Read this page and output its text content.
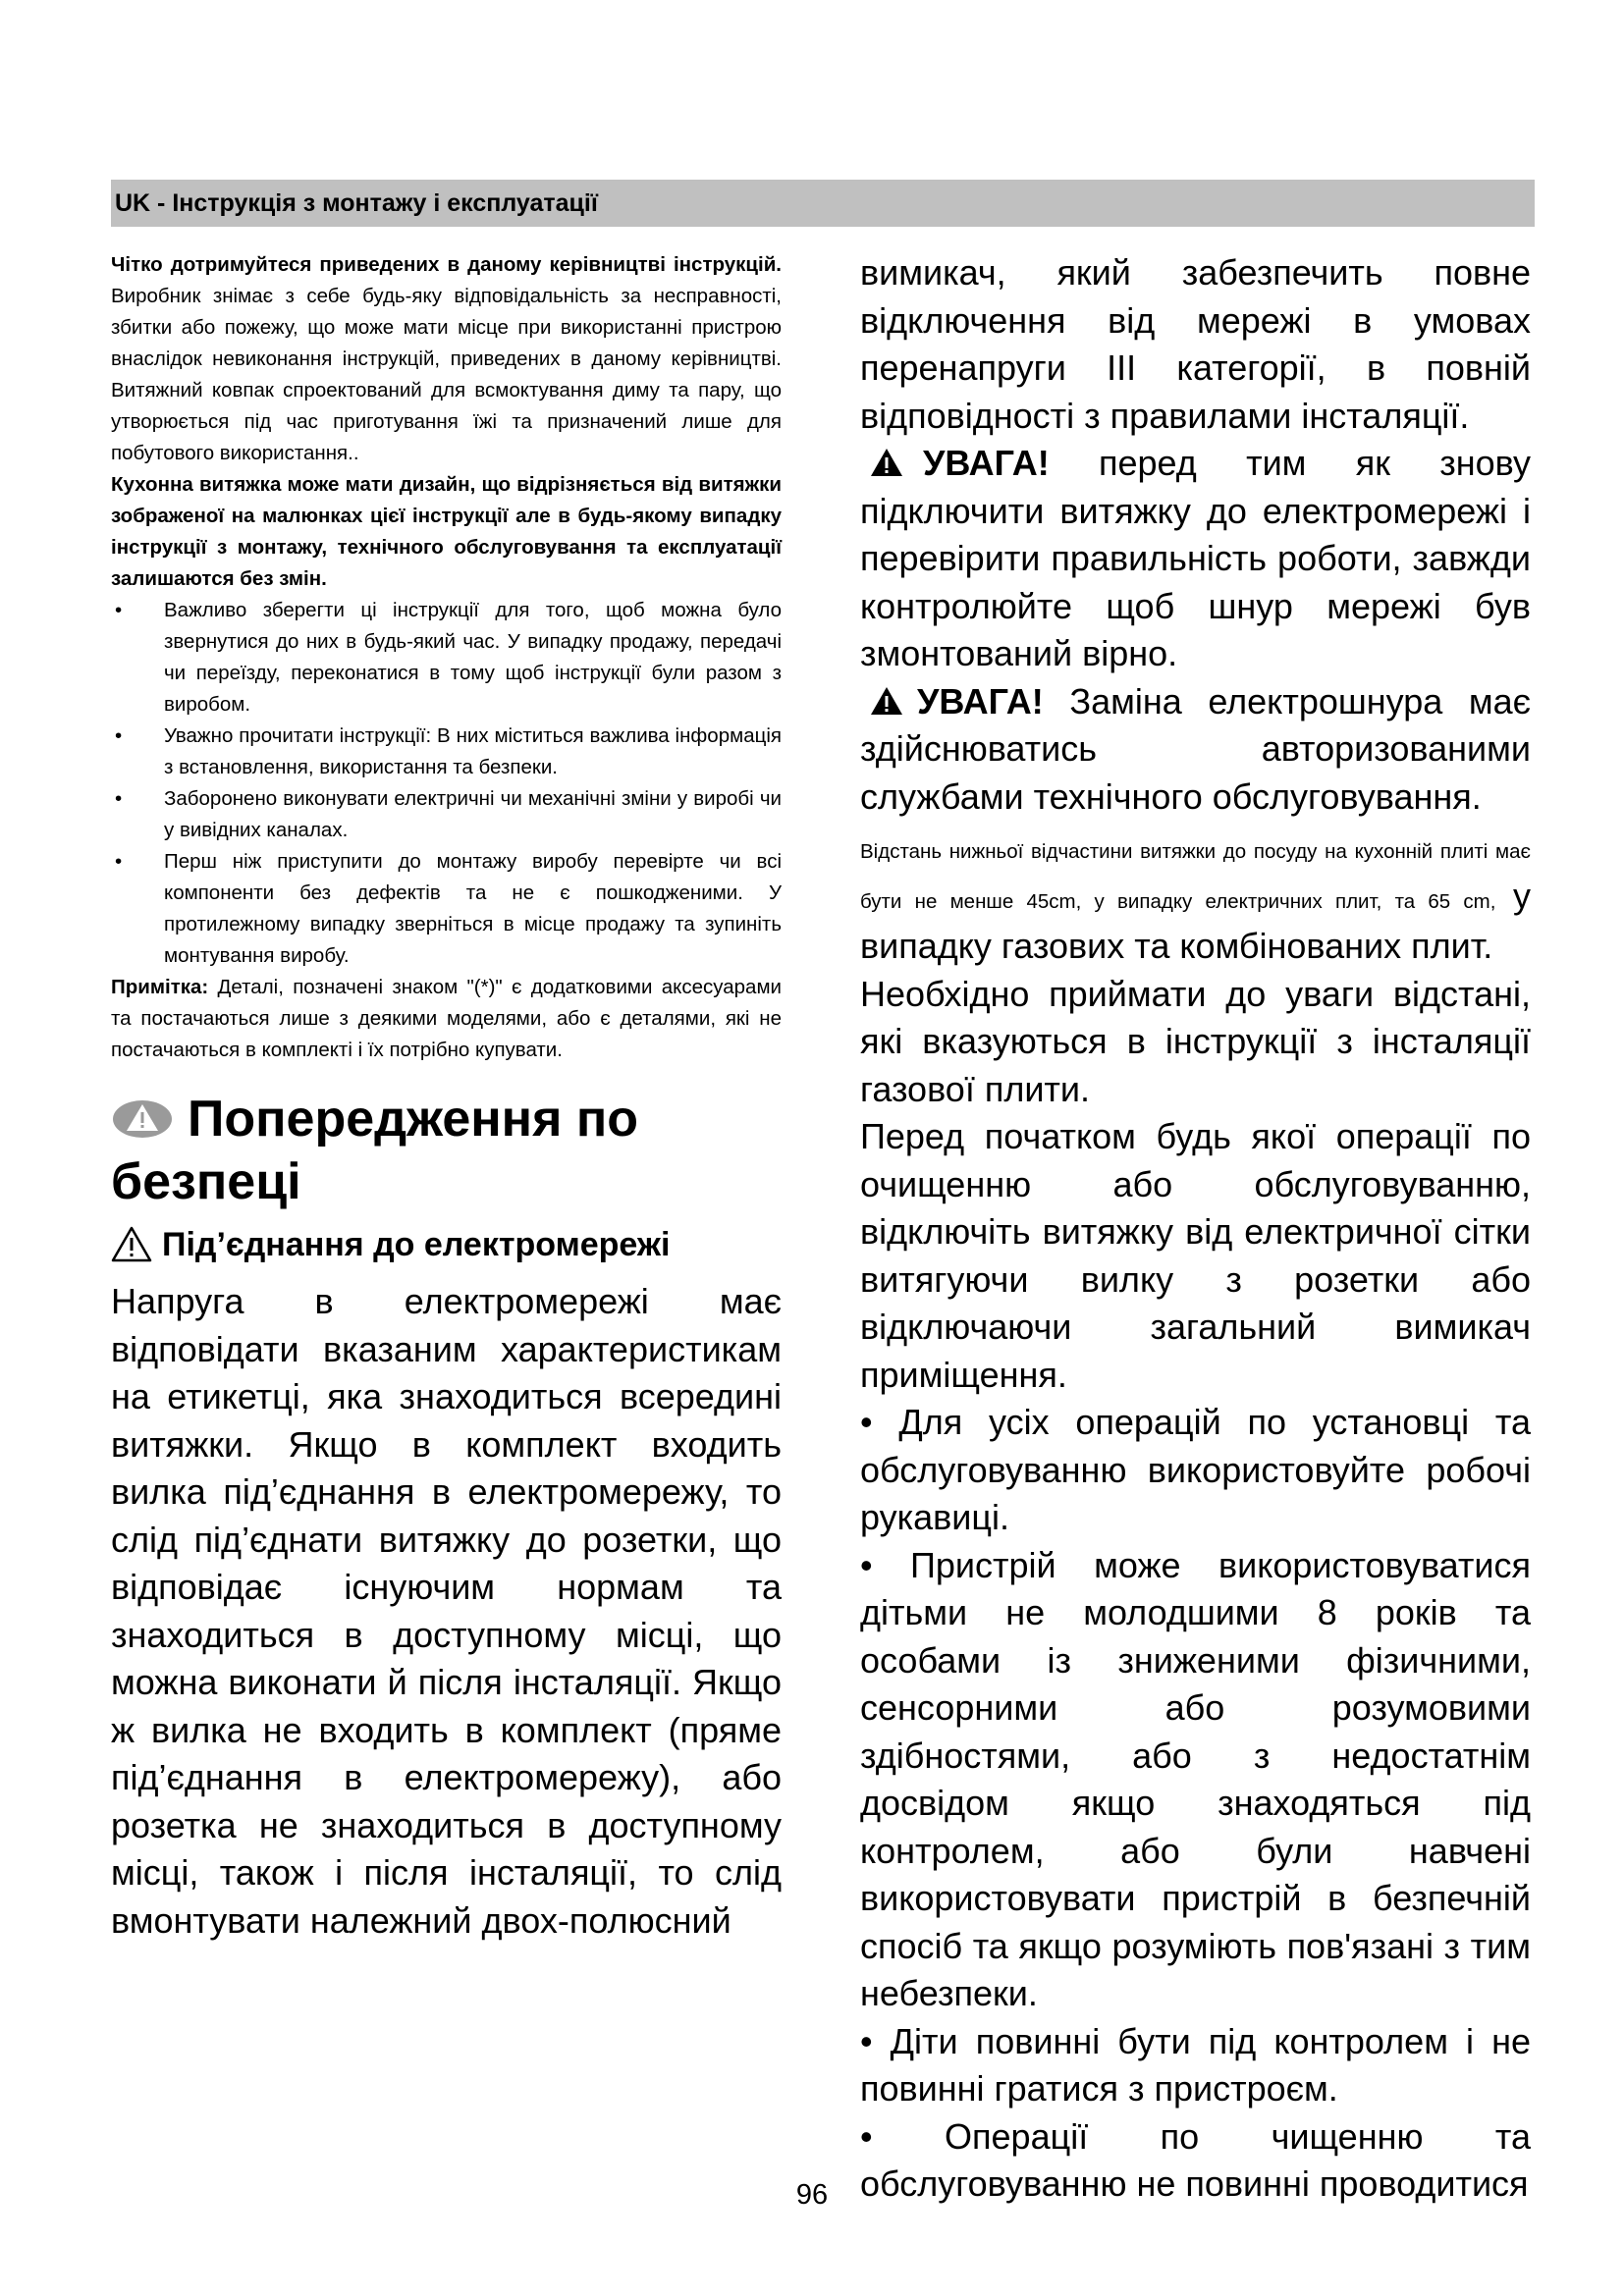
UK - Інструкція з монтажу і експлуатації

Чітко дотримуйтеся приведених в даному керівництві інструкцій. Виробник знімає з себе будь-яку відповідальність за несправності, збитки або пожежу, що може мати місце при використанні пристрою внаслідок невиконання інструкцій, приведених в даному керівництві. Витяжний ковпак спроектований для всмоктування диму та пару, що утворюється під час приготування їжі та призначений лише для побутового використання..

Кухонна витяжка може мати дизайн, що відрізняється від витяжки зображеної на малюнках цієї інструкції але в будь-якому випадку інструкції з монтажу, технічного обслуговування та експлуатації залишаются без змін.

•	Важливо зберегти ці інструкції для того, щоб можна було звернутися до них в будь-який час. У випадку продажу, передачі чи переїзду, переконатися в тому щоб інструкції були разом з виробом.
•	Уважно прочитати інструкції: В них міститься важлива інформація з встановлення, використання та безпеки.
•	Заборонено виконувати електричні чи механічні зміни у виробі чи у вивідних каналах.
•	Перш ніж приступити до монтажу виробу перевірте чи всі компоненти без дефектів та не є пошкодженими. У протилежному випадку зверніться в місце продажу та зупиніть монтування виробу.

Примітка: Деталі, позначені знаком "(*)" є додатковими аксесуарами та постачаються лише з деякими моделями, або є деталями, які не постачаються в комплекті і їх потрібно купувати.

Попередження по
безпеці
Під’єднання до електромережі

Напруга в електромережі має відповідати вказаним характеристикам на етикетці, яка знаходиться всередині витяжки. Якщо в комплект входить вилка під’єднання в електромережу, то слід під’єднати витяжку до розетки, що відповідає існуючим нормам та знаходиться в доступному місці, що можна виконати й після інсталяції. Якщо ж вилка не входить в комплект (пряме під’єднання в електромережу), або розетка не знаходиться в доступному місці, також і після інсталяції, то слід вмонтувати належний двох-полюсний

вимикач, який забезпечить повне відключення від мережі в умовах перенапруги III категорії, в повній відповідності з правилами інсталяції.

УВАГА! перед тим як знову підключити витяжку до електромережі і перевірити правильність роботи, завжди контролюйте щоб шнур мережі був змонтований вірно.

УВАГА! Заміна електрошнура має здійснюватись авторизованими службами технічного обслуговування.

Відстань нижньої відчастини витяжки до посуду на кухонній плиті має бути не менше 45cm, у випадку електричних плит, та 65 cm, у випадку газових та комбінованих плит.

Необхідно приймати до уваги відстані, які вказуються в інструкції з інсталяції газової плити.

Перед початком будь якої операції по очищенню або обслуговуванню, відключіть витяжку від електричної сітки витягуючи вилку з розетки або відключаючи загальний вимикач приміщення.

• Для усіх операцій по установці та обслуговуванню використовуйте робочі рукавиці.

• Пристрій може використовуватися дітьми не молодшими 8 років та особами із зниженими фізичними, сенсорними або розумовими здібностями, або з недостатнім досвідом якщо знаходяться під контролем, або були навчені використовувати пристрій в безпечній спосіб та якщо розуміють пов'язані з тим небезпеки.

• Діти повинні бути під контролем і не повинні гратися з пристроєм.

• Операції по чищенню та обслуговуванню не повинні проводитися

96
